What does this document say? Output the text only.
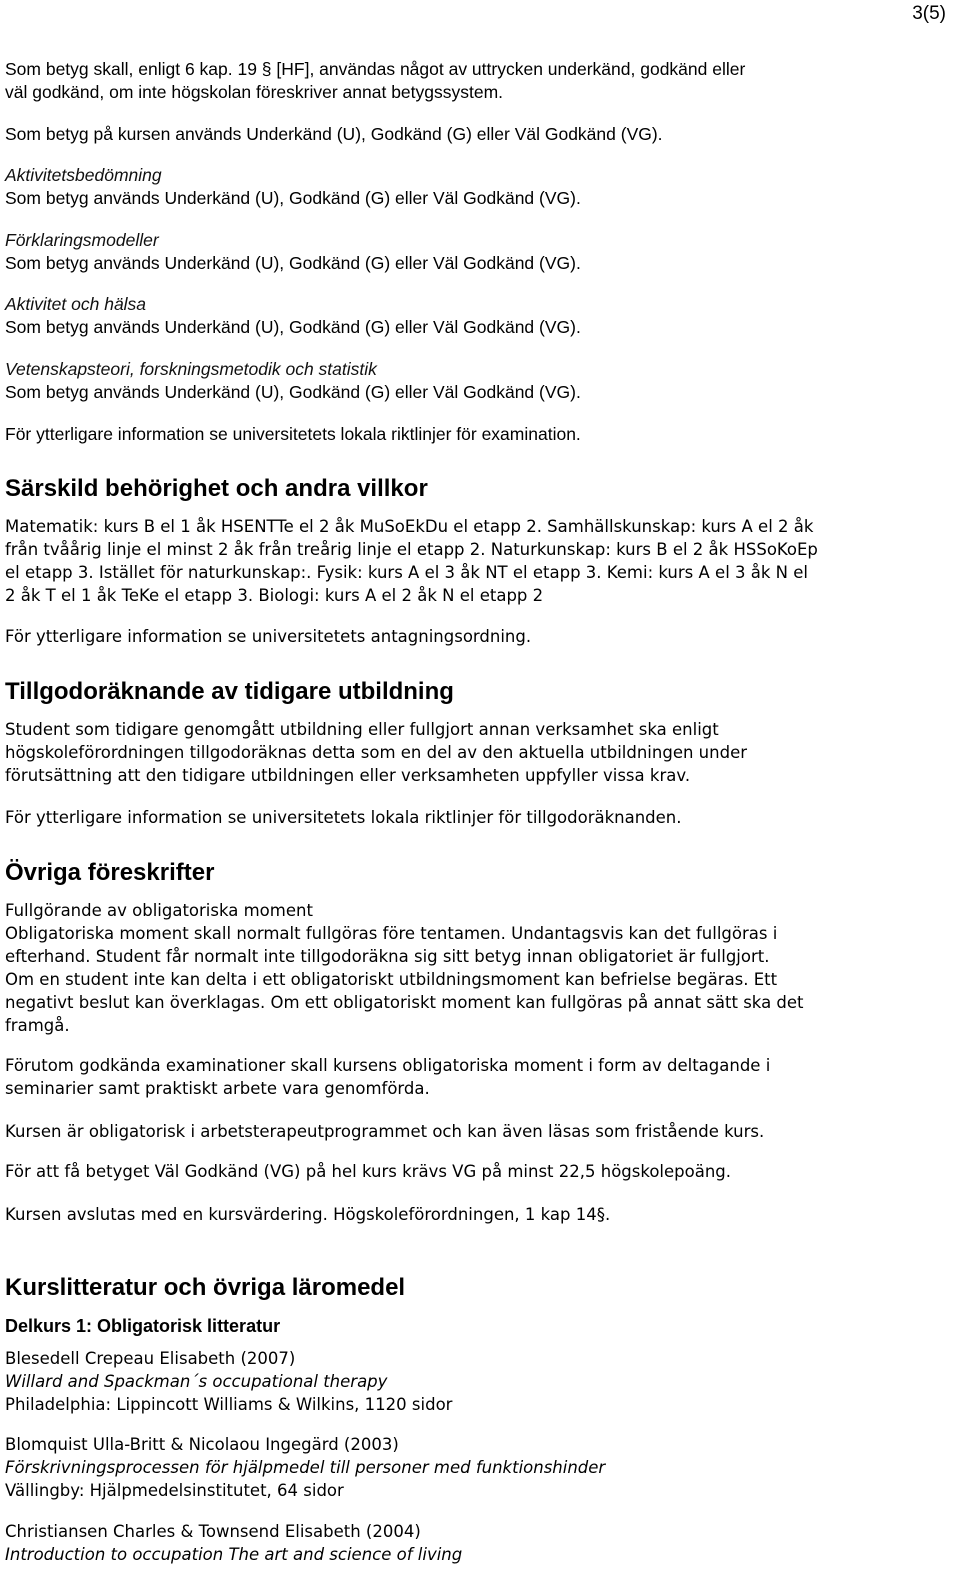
3(5)

Som betyg skall, enligt 6 kap. 19 § [HF], användas något av uttrycken underkänd, godkänd eller

väl godkänd, om inte högskolan föreskriver annat betygssystem.

Som betyg på kursen används Underkänd (U), Godkänd (G) eller Väl Godkänd (VG).

Aktivitetsbedömning

Som betyg används Underkänd (U), Godkänd (G) eller Väl Godkänd (VG).

Förklaringsmodeller

Som betyg används Underkänd (U), Godkänd (G) eller Väl Godkänd (VG).

Aktivitet och hälsa

Som betyg används Underkänd (U), Godkänd (G) eller Väl Godkänd (VG).

Vetenskapsteori, forskningsmetodik och statistik

Som betyg används Underkänd (U), Godkänd (G) eller Väl Godkänd (VG).

För ytterligare information se universitetets lokala riktlinjer för examination.

Särskild behörighet och andra villkor

Matematik: kurs B el 1 åk HSENTTe el 2 åk MuSoEkDu el etapp 2. Samhällskunskap: kurs A el 2 åk

från tvåårig linje el minst 2 åk från treårig linje el etapp 2. Naturkunskap: kurs B el 2 åk HSSoKoEp

el etapp 3. Istället för naturkunskap:. Fysik: kurs A el 3 åk NT el etapp 3. Kemi: kurs A el 3 åk N el

2 åk T el 1 åk TeKe el etapp 3. Biologi: kurs A el 2 åk N el etapp 2

För ytterligare information se universitetets antagningsordning.

Tillgodoräknande av tidigare utbildning

Student som tidigare genomgått utbildning eller fullgjort annan verksamhet ska enligt

högskoleförordningen tillgodoräknas detta som en del av den aktuella utbildningen under

förutsättning att den tidigare utbildningen eller verksamheten uppfyller vissa krav.

För ytterligare information se universitetets lokala riktlinjer för tillgodoräknanden.

Övriga föreskrifter

Fullgörande av obligatoriska moment

Obligatoriska moment skall normalt fullgöras före tentamen. Undantagsvis kan det fullgöras i

efterhand. Student får normalt inte tillgodoräkna sig sitt betyg innan obligatoriet är fullgjort.

Om en student inte kan delta i ett obligatoriskt utbildningsmoment kan befrielse begäras. Ett

negativt beslut kan överklagas. Om ett obligatoriskt moment kan fullgöras på annat sätt ska det

framgå.

Förutom godkända examinationer skall kursens obligatoriska moment i form av deltagande i

seminarier samt praktiskt arbete vara genomförda.

Kursen är obligatorisk i arbetsterapeutprogrammet och kan även läsas som fristående kurs.

För att få betyget Väl Godkänd (VG) på hel kurs krävs VG på minst 22,5 högskolepoäng.

Kursen avslutas med en kursvärdering. Högskoleförordningen, 1 kap 14§.

Kurslitteratur och övriga läromedel
Delkurs 1: Obligatorisk litteratur

Blesedell Crepeau Elisabeth (2007)

Willard and Spackman´s occupational therapy

Philadelphia: Lippincott Williams & Wilkins, 1120 sidor

Blomquist Ulla-Britt & Nicolaou Ingegärd (2003)

Förskrivningsprocessen för hjälpmedel till personer med funktionshinder

Vällingby: Hjälpmedelsinstitutet, 64 sidor

Christiansen Charles & Townsend Elisabeth (2004)

Introduction to occupation The art and science of living
